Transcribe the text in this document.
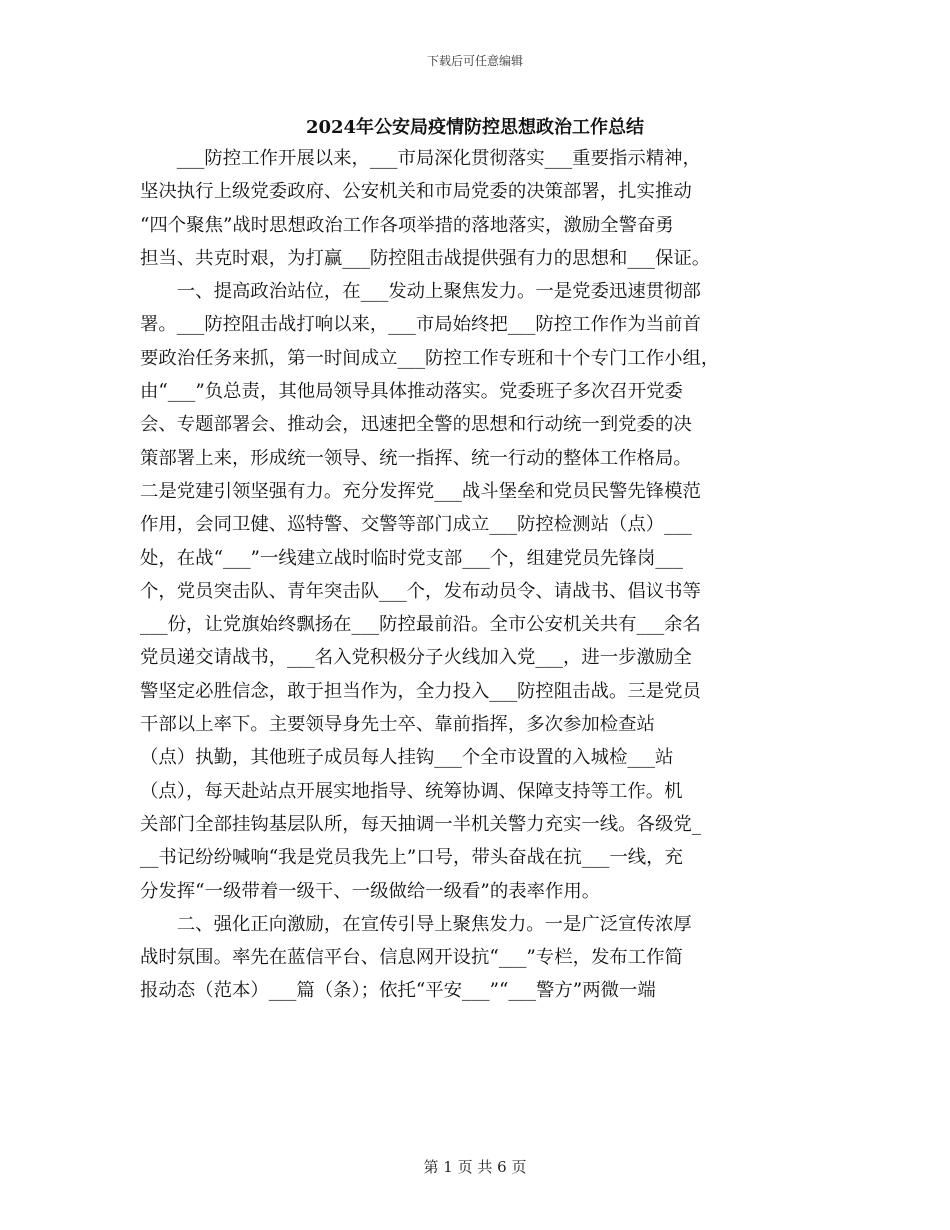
下载后可任意编辑
2024年公安局疫情防控思想政治工作总结
　　___防控工作开展以来，___市局深化贯彻落实___重要指示精神，
坚决执行上级党委政府、公安机关和市局党委的决策部署，扎实推动
“四个聚焦”战时思想政治工作各项举措的落地落实，激励全警奋勇
担当、共克时艰，为打赢___防控阻击战提供强有力的思想和___保证。
　　一、提高政治站位，在___发动上聚焦发力。一是党委迅速贯彻部
署。___防控阻击战打响以来，___市局始终把___防控工作作为当前首
要政治任务来抓，第一时间成立___防控工作专班和十个专门工作小组，
由“___”负总责，其他局领导具体推动落实。党委班子多次召开党委
会、专题部署会、推动会，迅速把全警的思想和行动统一到党委的决
策部署上来，形成统一领导、统一指挥、统一行动的整体工作格局。
二是党建引领坚强有力。充分发挥党___战斗堡垒和党员民警先锋模范
作用，会同卫健、巡特警、交警等部门成立___防控检测站（点）___
处，在战“___”一线建立战时临时党支部___个，组建党员先锋岗___
个，党员突击队、青年突击队___个，发布动员令、请战书、倡议书等
___份，让党旗始终飘扬在___防控最前沿。全市公安机关共有___余名
党员递交请战书，___名入党积极分子火线加入党___，进一步激励全
警坚定必胜信念，敢于担当作为，全力投入___防控阻击战。三是党员
干部以上率下。主要领导身先士卒、靠前指挥，多次参加检查站
（点）执勤，其他班子成员每人挂钩___个全市设置的入城检___站
（点），每天赴站点开展实地指导、统筹协调、保障支持等工作。机
关部门全部挂钩基层队所，每天抽调一半机关警力充实一线。各级党_
__书记纷纷喊响“我是党员我先上”口号，带头奋战在抗___一线，充
分发挥“一级带着一级干、一级做给一级看”的表率作用。
　　二、强化正向激励，在宣传引导上聚焦发力。一是广泛宣传浓厚
战时氛围。率先在蓝信平台、信息网开设抗“___”专栏，发布工作简
报动态（范本）___篇（条）；依托“平安___”“___警方”两微一端
第 1 页 共 6 页
